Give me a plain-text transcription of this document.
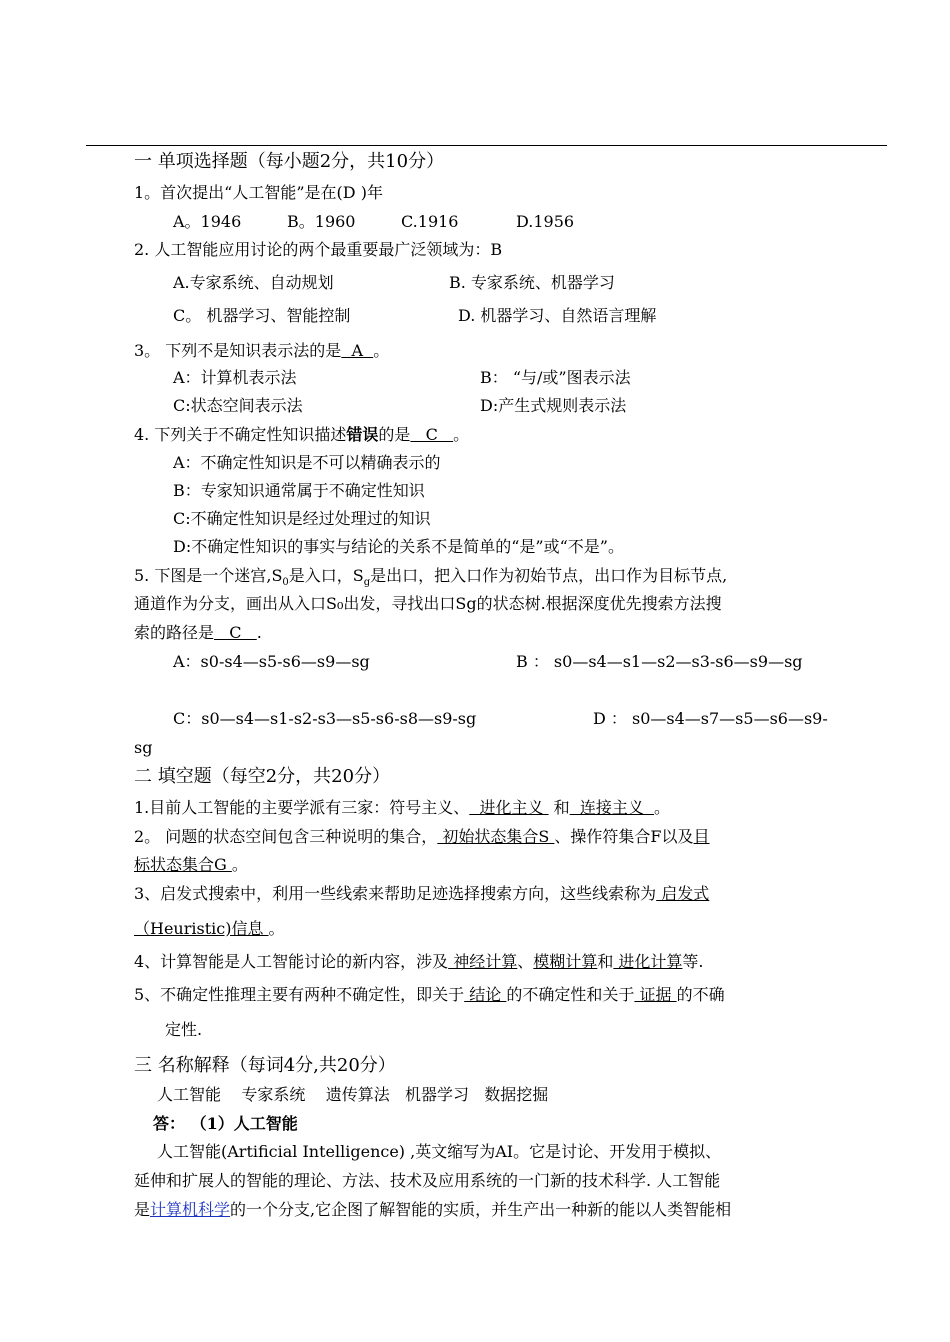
一 单项选择题（每小题2分，共10分）
1。首次提出“人工智能”是在(D )年
A。1946	B。1960	C.1916	D.1956
2. 人工智能应用讨论的两个最重要最广泛领域为：B
A.专家系统、自动规划	B. 专家系统、机器学习
C。 机器学习、智能控制	D. 机器学习、自然语言理解
3。 下列不是知识表示法的是  A  。
A：计算机表示法	B： “与/或”图表示法
C:状态空间表示法	D:产生式规则表示法
4. 下列关于不确定性知识描述错误的是   C   。
A：不确定性知识是不可以精确表示的
B：专家知识通常属于不确定性知识
C:不确定性知识是经过处理过的知识
D:不确定性知识的事实与结论的关系不是简单的“是”或“不是”。
5. 下图是一个迷宫$,S_0$是入口，$S_g$是出口，把入口作为初始节点，出口作为目标节点,
通道作为分支，画出从入口S₀出发，寻找出口Sg的状态树.根据深度优先搜索方法搜
索的路径是   C   .
A：s0-s4—s5-s6—s9—sg	B ： s0—s4—s1—s2—s3-s6—s9—sg
C：s0—s4—s1-s2-s3—s5-s6-s8—s9-sg	D ： s0—s4—s7—s5—s6—s9-
sg
二 填空题（每空2分，共20分）
1.目前人工智能的主要学派有三家：符号主义、  进化主义  和  连接主义  。
2。 问题的状态空间包含三种说明的集合， 初始状态集合S 、操作符集合F以及目
标状态集合G 。
3、启发式搜索中，利用一些线索来帮助足迹选择搜索方向，这些线索称为 启发式
（Heuristic)信息 。
4、计算智能是人工智能讨论的新内容，涉及 神经计算、模糊计算和 进化计算等.
5、不确定性推理主要有两种不确定性，即关于 结论 的不确定性和关于 证据 的不确
定性.
三 名称解释（每词4分,共20分）
人工智能    专家系统    遗传算法   机器学习   数据挖掘
答： （1）人工智能
人工智能(Artificial Intelligence) ,英文缩写为AI。它是讨论、开发用于模拟、
延伸和扩展人的智能的理论、方法、技术及应用系统的一门新的技术科学. 人工智能
是计算机科学的一个分支,它企图了解智能的实质，并生产出一种新的能以人类智能相
